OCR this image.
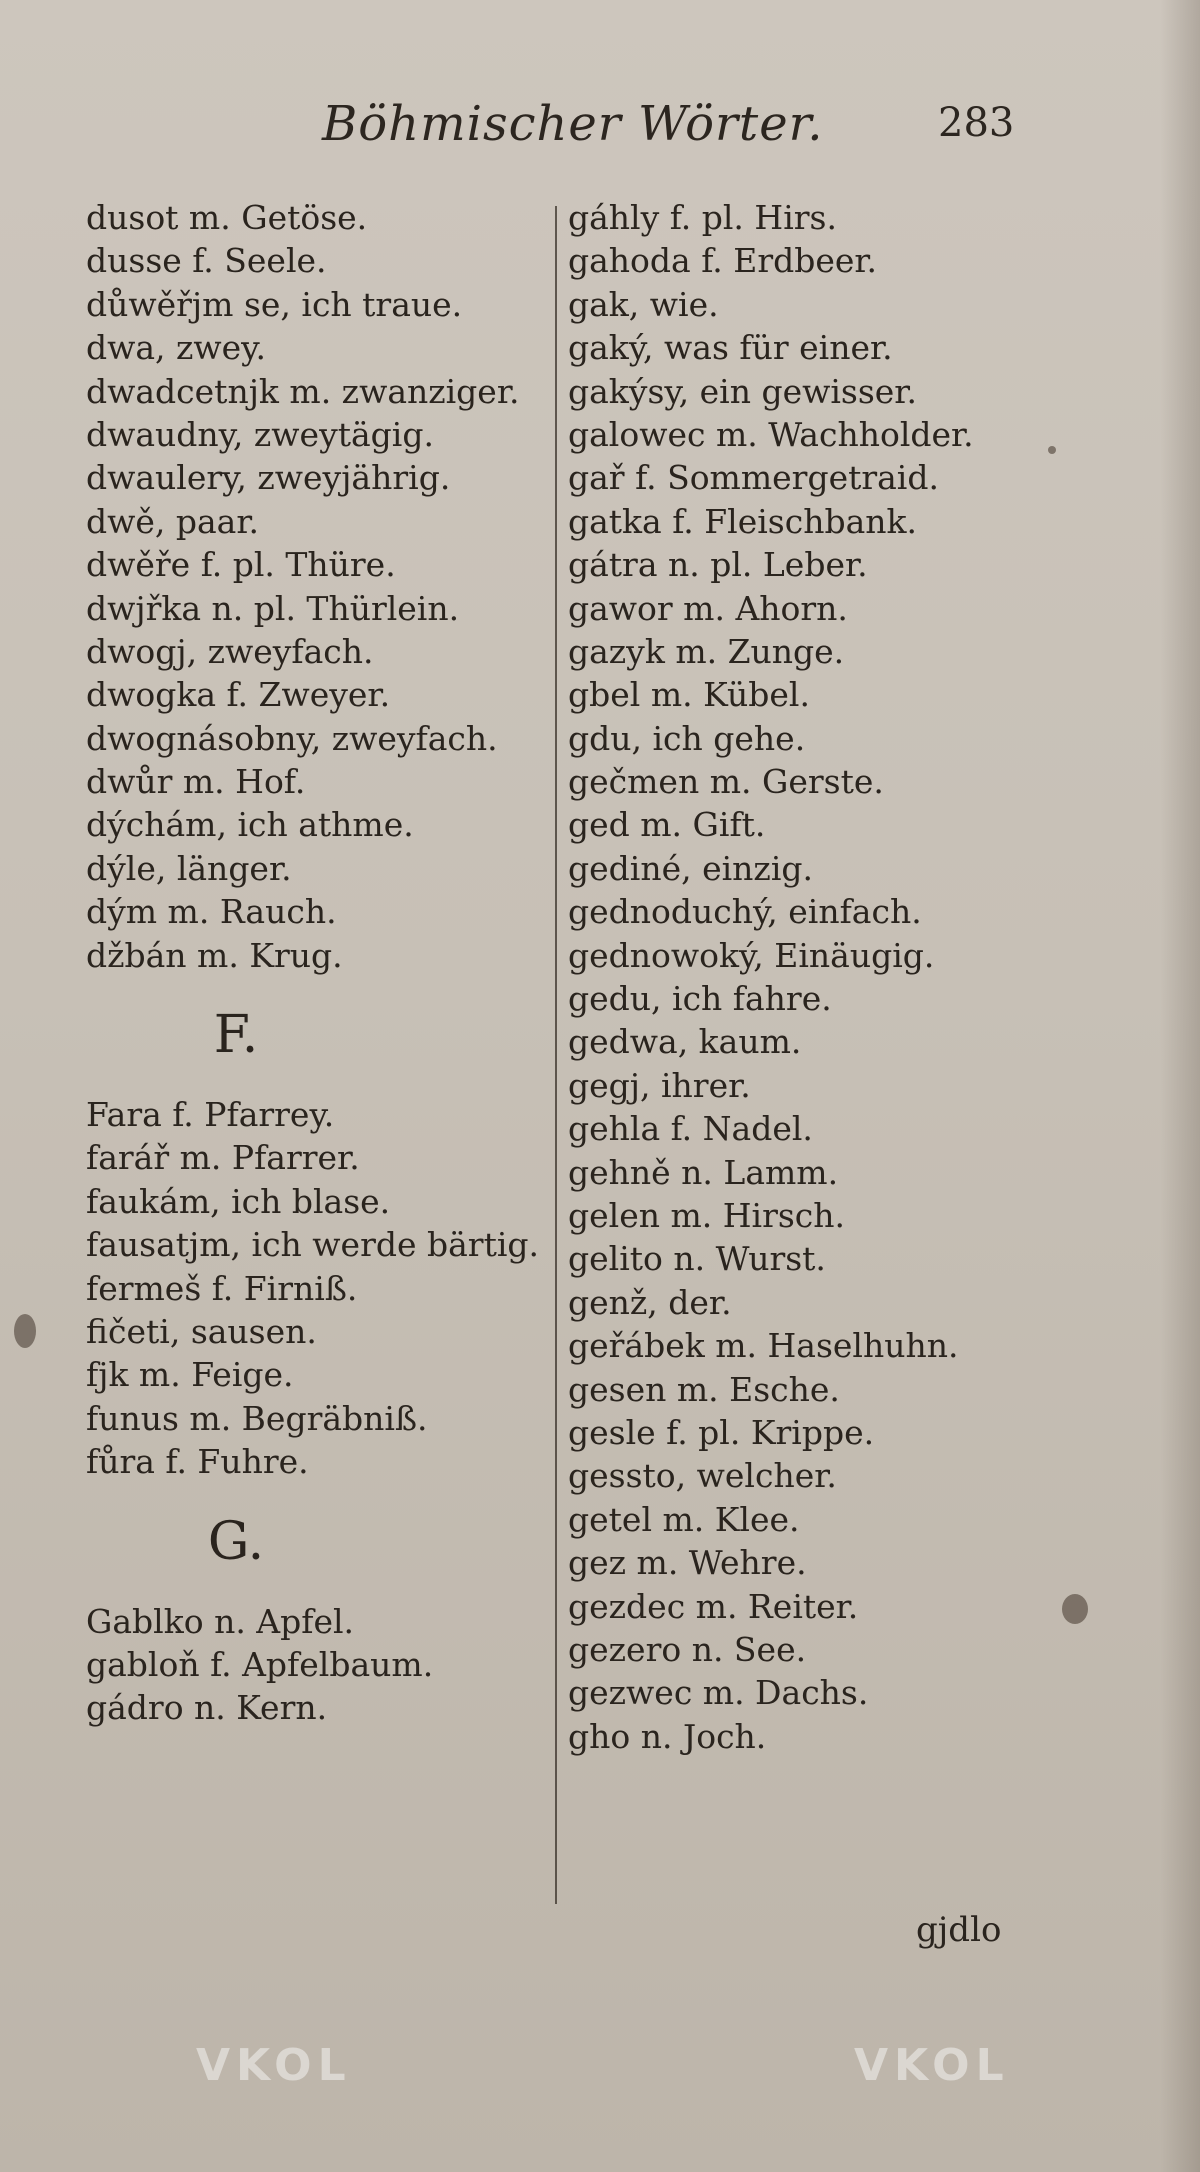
Böhmischer Wörter.	283
dusot m. Getöse.
dusse f. Seele.
důwěřjm se, ich traue.
dwa, zwey.
dwadcetnjk m. zwanziger.
dwaudny, zweytägig.
dwaulery, zweyjährig.
dwě, paar.
dwěře f. pl. Thüre.
dwjřka n. pl. Thürlein.
dwogj, zweyfach.
dwogka f. Zweyer.
dwognásobny, zweyfach.
dwůr m. Hof.
dýchám, ich athme.
dýle, länger.
dým m. Rauch.
džbán m. Krug.
F.
Fara f. Pfarrey.
farář m. Pfarrer.
faukám, ich blase.
fausatjm, ich werde bärtig.
fermeš f. Firniß.
fičeti, sausen.
fjk m. Feige.
funus m. Begräbniß.
fůra f. Fuhre.
G.
Gablko n. Apfel.
gabloň f. Apfelbaum.
gádro n. Kern.
gáhly f. pl. Hirs.
gahoda f. Erdbeer.
gak, wie.
gaký, was für einer.
gakýsy, ein gewisser.
galowec m. Wachholder.
gař f. Sommergetraid.
gatka f. Fleischbank.
gátra n. pl. Leber.
gawor m. Ahorn.
gazyk m. Zunge.
gbel m. Kübel.
gdu, ich gehe.
gečmen m. Gerste.
ged m. Gift.
gediné, einzig.
gednoduchý, einfach.
gednowoký, Einäugig.
gedu, ich fahre.
gedwa, kaum.
gegj, ihrer.
gehla f. Nadel.
gehně n. Lamm.
gelen m. Hirsch.
gelito n. Wurst.
genž, der.
geřábek m. Haselhuhn.
gesen m. Esche.
gesle f. pl. Krippe.
gessto, welcher.
getel m. Klee.
gez m. Wehre.
gezdec m. Reiter.
gezero n. See.
gezwec m. Dachs.
gho n. Joch.
gjdlo
VKOL	VKOL
